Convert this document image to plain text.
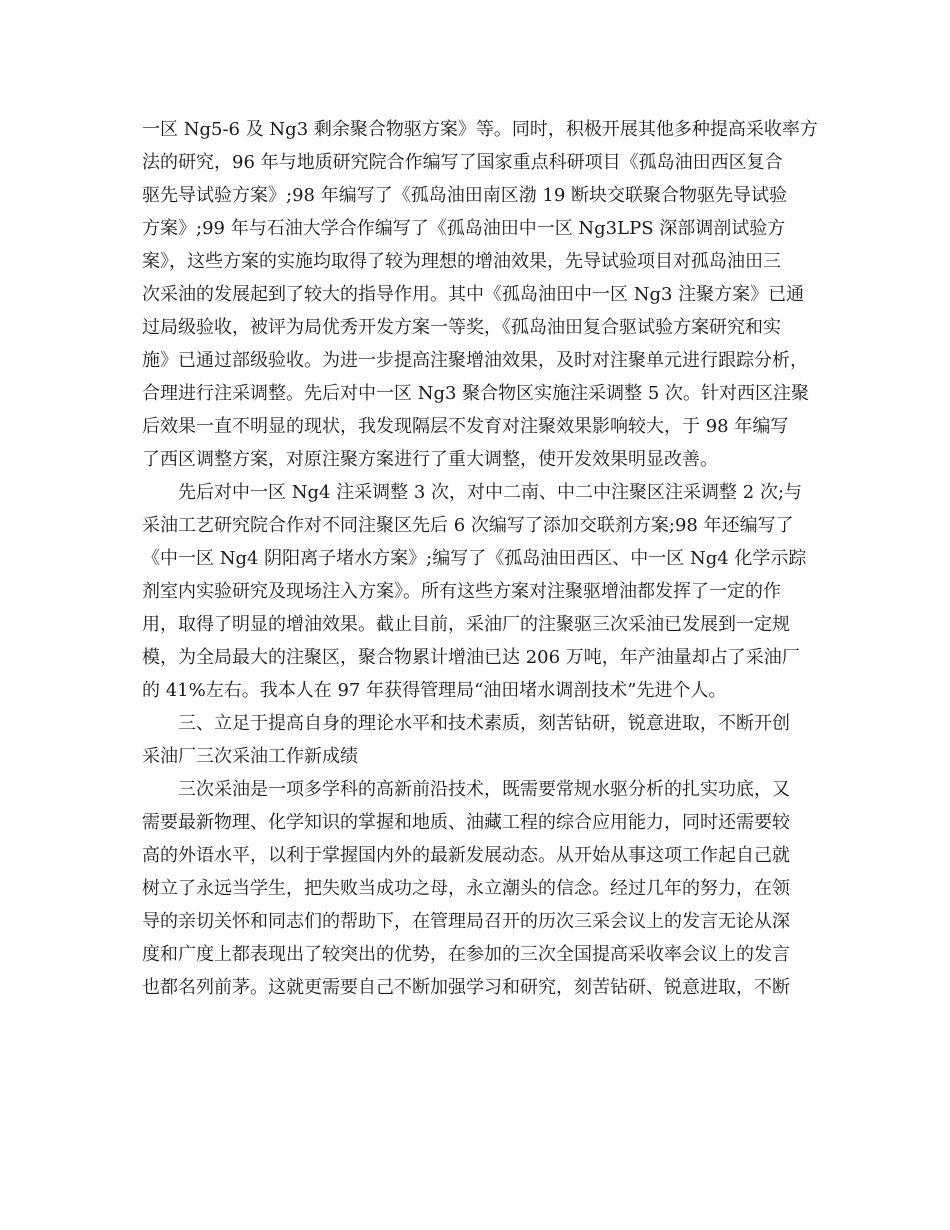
一区 Ng5-6 及 Ng3 剩余聚合物驱方案》等。同时，积极开展其他多种提高采收率方
法的研究，96 年与地质研究院合作编写了国家重点科研项目《孤岛油田西区复合
驱先导试验方案》;98 年编写了《孤岛油田南区渤 19 断块交联聚合物驱先导试验
方案》;99 年与石油大学合作编写了《孤岛油田中一区 Ng3LPS 深部调剖试验方
案》，这些方案的实施均取得了较为理想的增油效果，先导试验项目对孤岛油田三
次采油的发展起到了较大的指导作用。其中《孤岛油田中一区 Ng3 注聚方案》已通
过局级验收，被评为局优秀开发方案一等奖，《孤岛油田复合驱试验方案研究和实
施》已通过部级验收。为进一步提高注聚增油效果，及时对注聚单元进行跟踪分析，
合理进行注采调整。先后对中一区 Ng3 聚合物区实施注采调整 5 次。针对西区注聚
后效果一直不明显的现状，我发现隔层不发育对注聚效果影响较大，于 98 年编写
了西区调整方案，对原注聚方案进行了重大调整，使开发效果明显改善。
　　先后对中一区 Ng4 注采调整 3 次，对中二南、中二中注聚区注采调整 2 次;与
采油工艺研究院合作对不同注聚区先后 6 次编写了添加交联剂方案;98 年还编写了
《中一区 Ng4 阴阳离子堵水方案》;编写了《孤岛油田西区、中一区 Ng4 化学示踪
剂室内实验研究及现场注入方案》。所有这些方案对注聚驱增油都发挥了一定的作
用，取得了明显的增油效果。截止目前，采油厂的注聚驱三次采油已发展到一定规
模，为全局最大的注聚区，聚合物累计增油已达 206 万吨，年产油量却占了采油厂
的 41%左右。我本人在 97 年获得管理局“油田堵水调剖技术”先进个人。
　　三、立足于提高自身的理论水平和技术素质，刻苦钻研，锐意进取，不断开创
采油厂三次采油工作新成绩
　　三次采油是一项多学科的高新前沿技术，既需要常规水驱分析的扎实功底，又
需要最新物理、化学知识的掌握和地质、油藏工程的综合应用能力，同时还需要较
高的外语水平，以利于掌握国内外的最新发展动态。从开始从事这项工作起自己就
树立了永远当学生，把失败当成功之母，永立潮头的信念。经过几年的努力，在领
导的亲切关怀和同志们的帮助下，在管理局召开的历次三采会议上的发言无论从深
度和广度上都表现出了较突出的优势，在参加的三次全国提高采收率会议上的发言
也都名列前茅。这就更需要自己不断加强学习和研究，刻苦钻研、锐意进取，不断
